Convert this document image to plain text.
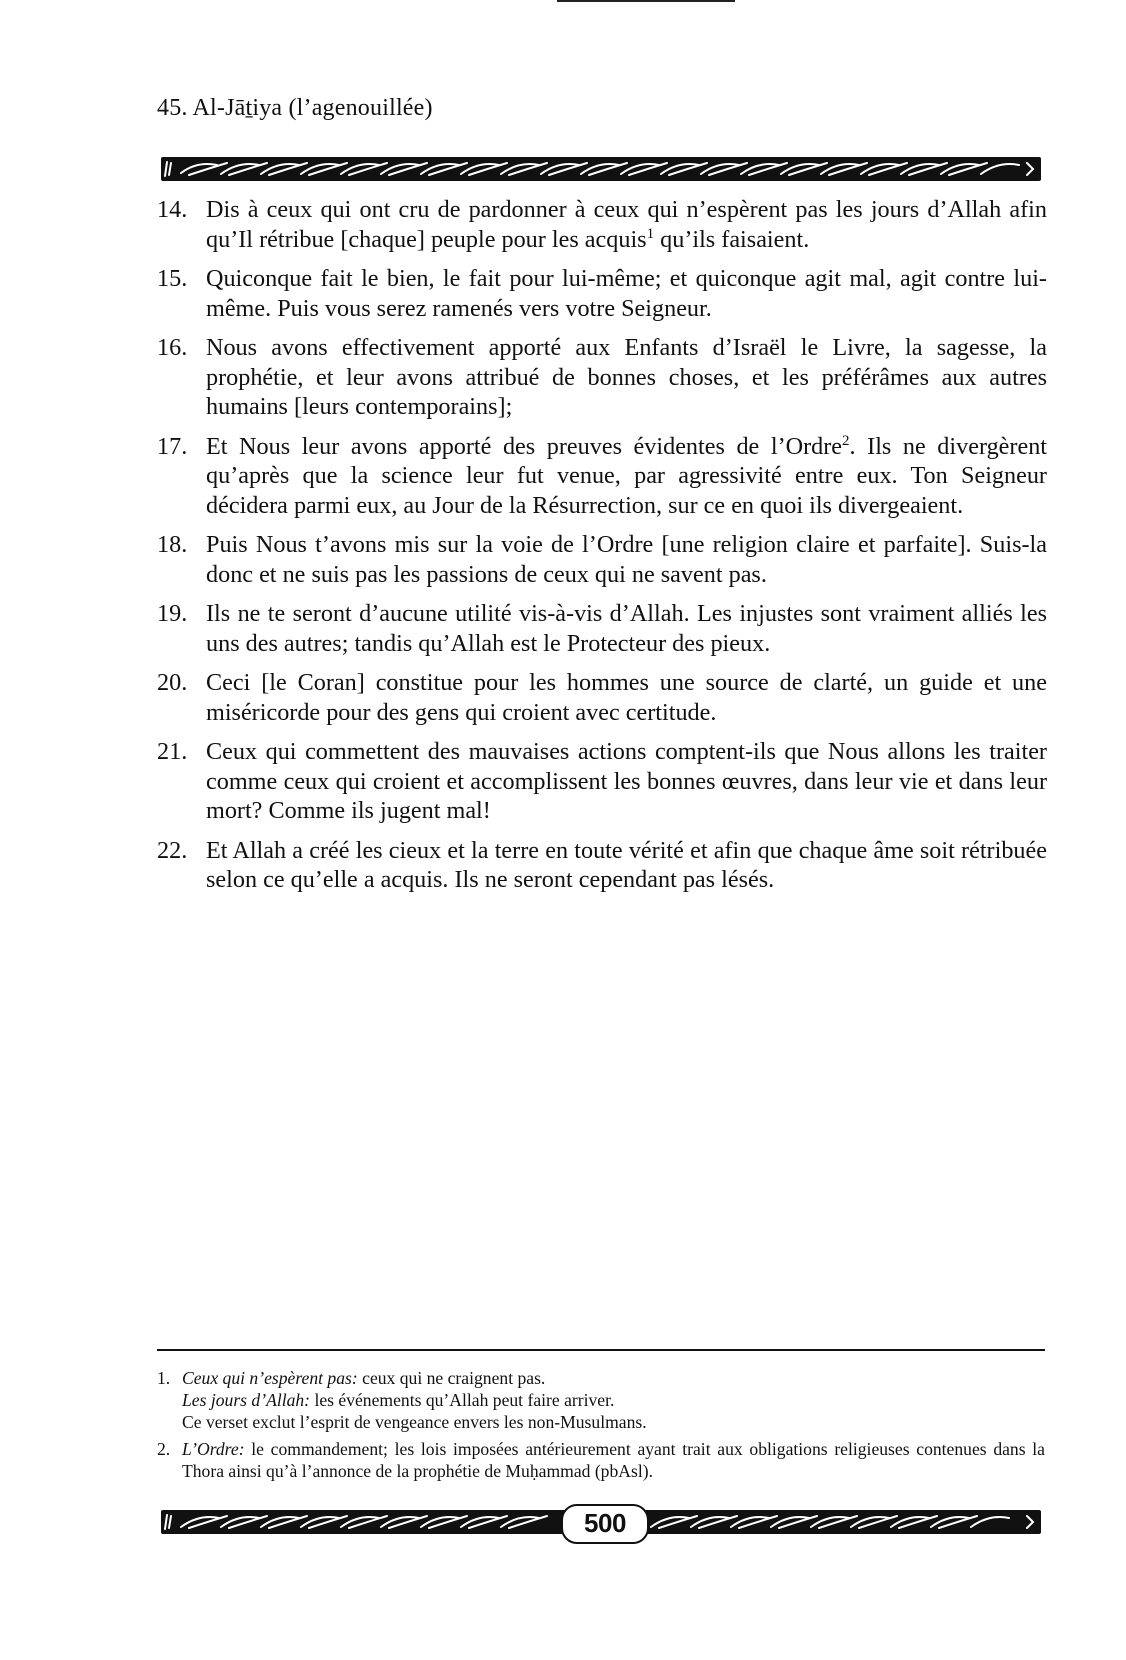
45. Al-Jāṯiya (l’agenouillée)
14. Dis à ceux qui ont cru de pardonner à ceux qui n’espèrent pas les jours d’Allah afin qu’Il rétribue [chaque] peuple pour les acquis$^1$ qu’ils faisaient.
15. Quiconque fait le bien, le fait pour lui-même; et quiconque agit mal, agit contre lui-même. Puis vous serez ramenés vers votre Seigneur.
16. Nous avons effectivement apporté aux Enfants d’Israël le Livre, la sagesse, la prophétie, et leur avons attribué de bonnes choses, et les préférâmes aux autres humains [leurs contemporains];
17. Et Nous leur avons apporté des preuves évidentes de l’Ordre$^2$. Ils ne divergèrent qu’après que la science leur fut venue, par agressivité entre eux. Ton Seigneur décidera parmi eux, au Jour de la Résurrection, sur ce en quoi ils divergeaient.
18. Puis Nous t’avons mis sur la voie de l’Ordre [une religion claire et parfaite]. Suis-la donc et ne suis pas les passions de ceux qui ne savent pas.
19. Ils ne te seront d’aucune utilité vis-à-vis d’Allah. Les injustes sont vraiment alliés les uns des autres; tandis qu’Allah est le Protecteur des pieux.
20. Ceci [le Coran] constitue pour les hommes une source de clarté, un guide et une miséricorde pour des gens qui croient avec certitude.
21. Ceux qui commettent des mauvaises actions comptent-ils que Nous allons les traiter comme ceux qui croient et accomplissent les bonnes œuvres, dans leur vie et dans leur mort? Comme ils jugent mal!
22. Et Allah a créé les cieux et la terre en toute vérité et afin que chaque âme soit rétribuée selon ce qu’elle a acquis. Ils ne seront cependant pas lésés.
1. Ceux qui n’espèrent pas: ceux qui ne craignent pas.
Les jours d’Allah: les événements qu’Allah peut faire arriver.
Ce verset exclut l’esprit de vengeance envers les non-Musulmans.
2. L’Ordre: le commandement; les lois imposées antérieurement ayant trait aux obligations religieuses contenues dans la Thora ainsi qu’à l’annonce de la prophétie de Muḥammad (pbAsl).
500
